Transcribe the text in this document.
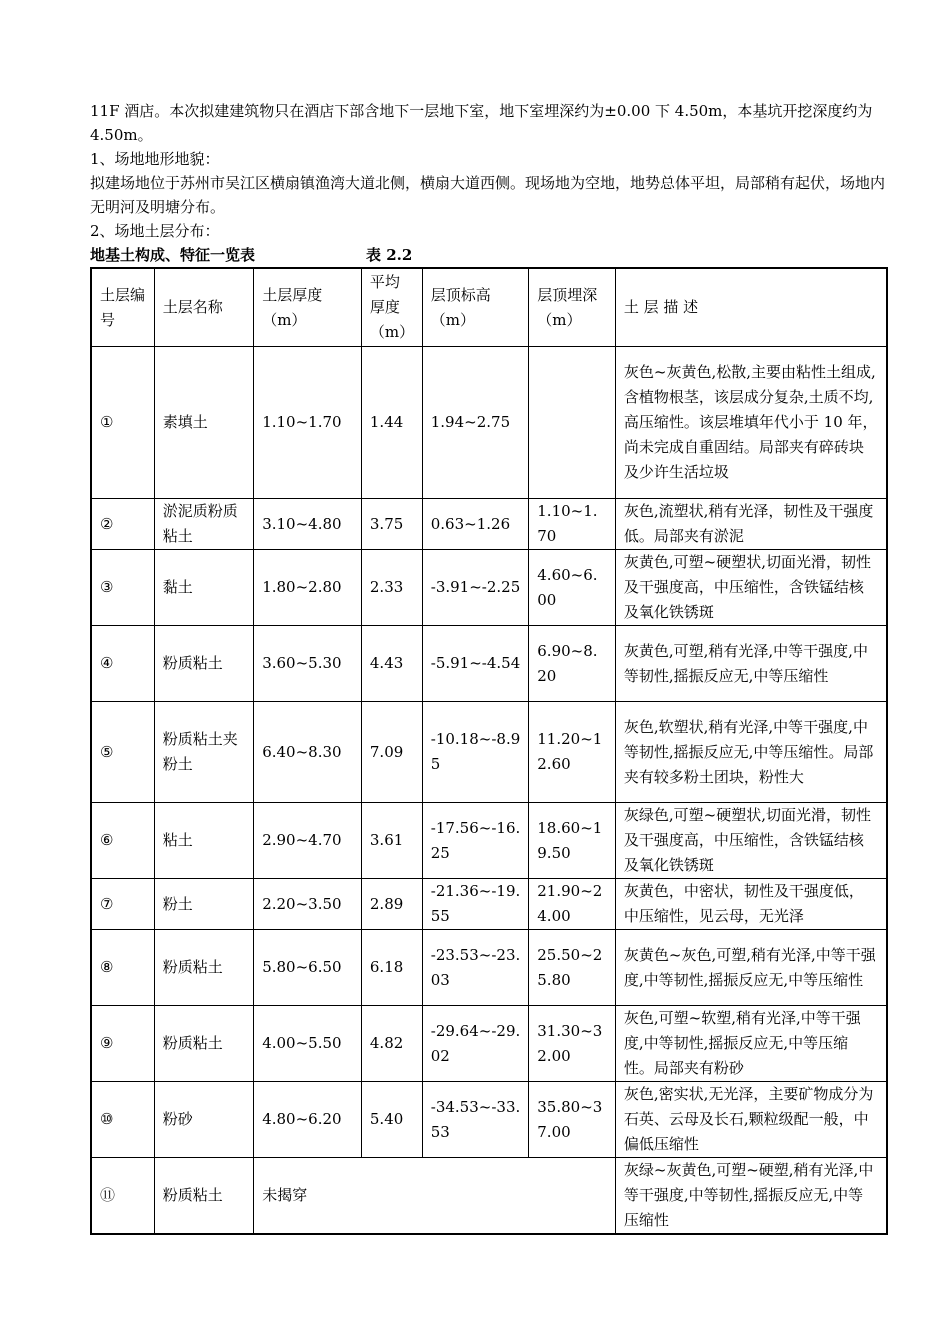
11F 酒店。本次拟建建筑物只在酒店下部含地下一层地下室，地下室埋深约为±0.00 下 4.50m，本基坑开挖深度约为 4.50m。

1、场地地形地貌：

拟建场地位于苏州市吴江区横扇镇渔湾大道北侧，横扇大道西侧。现场地为空地，地势总体平坦，局部稍有起伏，场地内无明河及明塘分布。

2、场地土层分布：

地基土构成、特征一览表	表 2.2
土层编号	土层名称	土层厚度（m）	平均厚度（m）	层顶标高（m）	层顶埋深（m）	土 层 描 述
①	素填土	1.10~1.70	1.44	1.94~2.75		灰色~灰黄色,松散,主要由粘性土组成,含植物根茎，该层成分复杂,土质不均,高压缩性。该层堆填年代小于 10 年，尚未完成自重固结。局部夹有碎砖块及少许生活垃圾
②	淤泥质粉质粘土	3.10~4.80	3.75	0.63~1.26	1.10~1.70	灰色,流塑状,稍有光泽，韧性及干强度低。局部夹有淤泥
③	黏土	1.80~2.80	2.33	-3.91~-2.25	4.60~6.00	灰黄色,可塑~硬塑状,切面光滑，韧性及干强度高，中压缩性，含铁锰结核及氧化铁锈斑
④	粉质粘土	3.60~5.30	4.43	-5.91~-4.54	6.90~8.20	灰黄色,可塑,稍有光泽,中等干强度,中等韧性,摇振反应无,中等压缩性
⑤	粉质粘土夹粉土	6.40~8.30	7.09	-10.18~-8.95	11.20~12.60	灰色,软塑状,稍有光泽,中等干强度,中等韧性,摇振反应无,中等压缩性。局部夹有较多粉土团块，粉性大
⑥	粘土	2.90~4.70	3.61	-17.56~-16.25	18.60~19.50	灰绿色,可塑~硬塑状,切面光滑，韧性及干强度高，中压缩性，含铁锰结核及氧化铁锈斑
⑦	粉土	2.20~3.50	2.89	-21.36~-19.55	21.90~24.00	灰黄色，中密状，韧性及干强度低，中压缩性，见云母，无光泽
⑧	粉质粘土	5.80~6.50	6.18	-23.53~-23.03	25.50~25.80	灰黄色~灰色,可塑,稍有光泽,中等干强度,中等韧性,摇振反应无,中等压缩性
⑨	粉质粘土	4.00~5.50	4.82	-29.64~-29.02	31.30~32.00	灰色,可塑~软塑,稍有光泽,中等干强度,中等韧性,摇振反应无,中等压缩性。局部夹有粉砂
⑩	粉砂	4.80~6.20	5.40	-34.53~-33.53	35.80~37.00	灰色,密实状,无光泽，主要矿物成分为石英、云母及长石,颗粒级配一般，中偏低压缩性
⑪	粉质粘土	未揭穿				灰绿~灰黄色,可塑~硬塑,稍有光泽,中等干强度,中等韧性,摇振反应无,中等压缩性
